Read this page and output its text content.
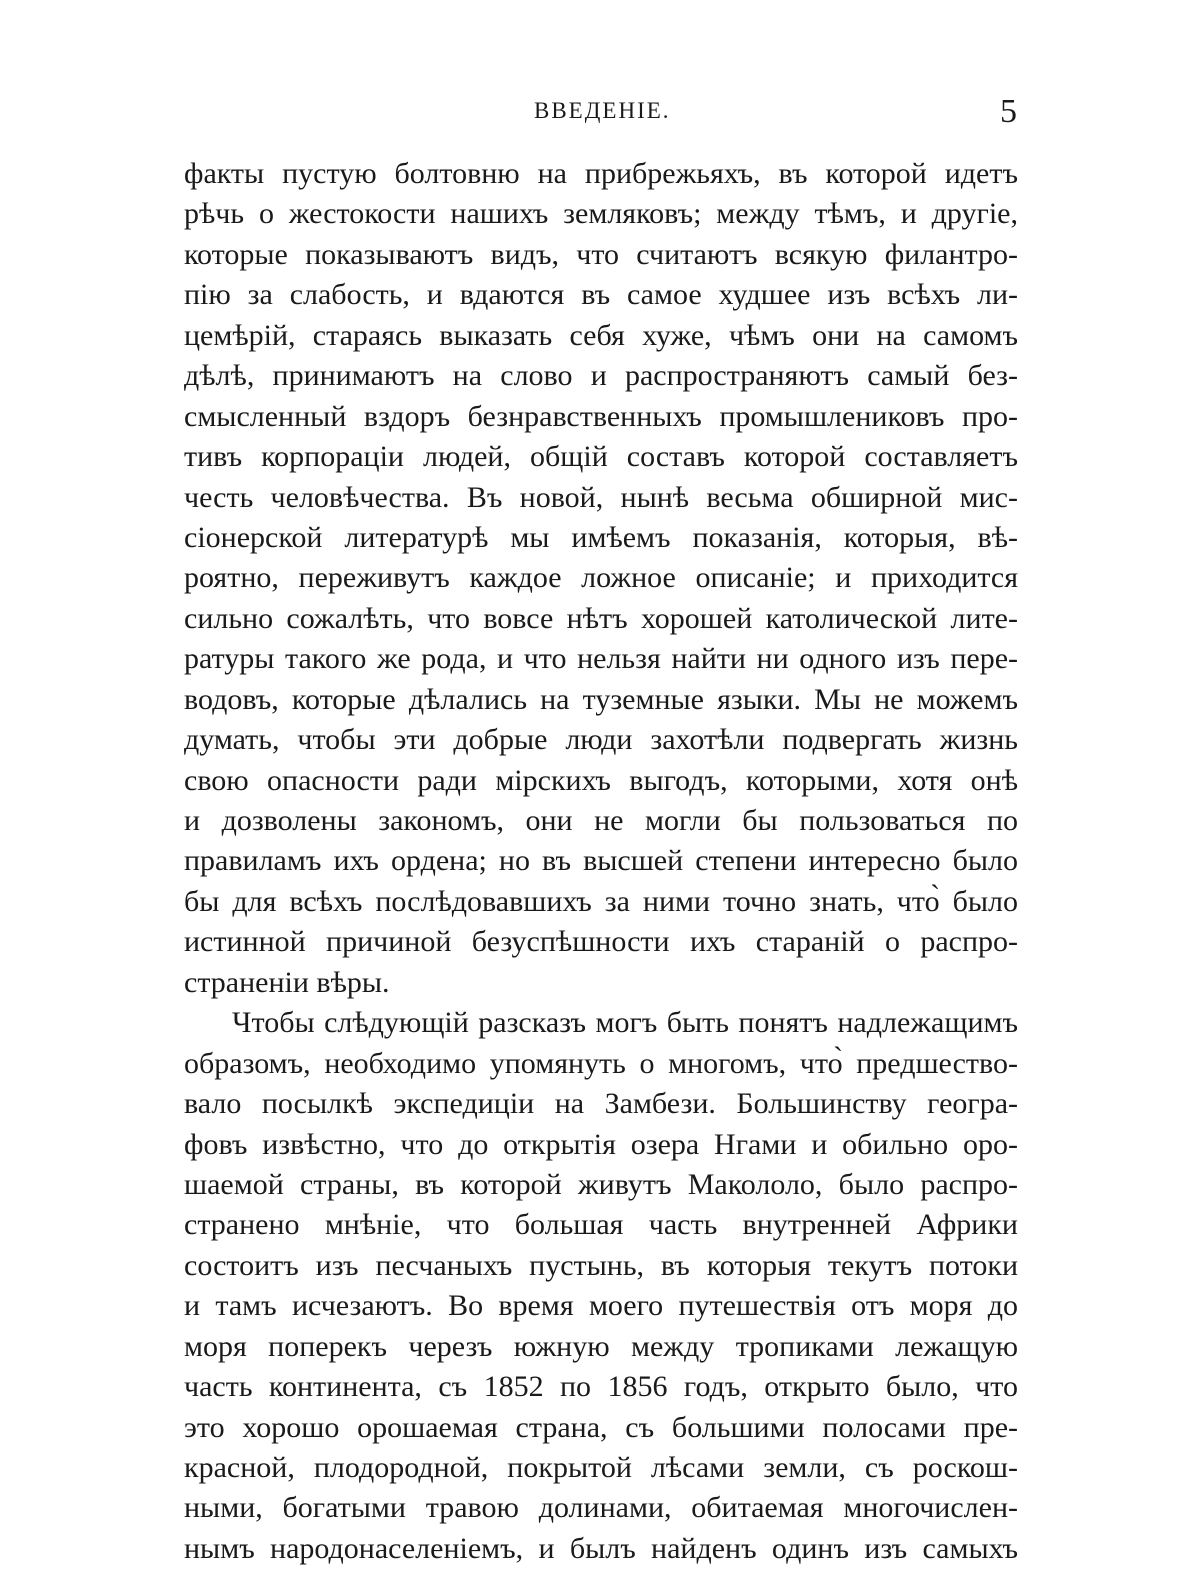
ВВЕДЕНІЕ.	5
факты пустую болтовню на прибрежьяхъ, въ которой идетъ
рѣчь о жестокости нашихъ земляковъ; между тѣмъ, и другіе,
которые показываютъ видъ, что считаютъ всякую филантро-
пію за слабость, и вдаются въ самое худшее изъ всѣхъ ли-
цемѣрій, стараясь выказать себя хуже, чѣмъ они на самомъ
дѣлѣ, принимаютъ на слово и распространяютъ самый без-
смысленный вздоръ безнравственныхъ промышлениковъ про-
тивъ корпораціи людей, общій составъ которой составляетъ
честь человѣчества. Въ новой, нынѣ весьма обширной мис-
сіонерской литературѣ мы имѣемъ показанія, которыя, вѣ-
роятно, переживутъ каждое ложное описаніе; и приходится
сильно сожалѣть, что вовсе нѣтъ хорошей католической лите-
ратуры такого же рода, и что нельзя найти ни одного изъ пере-
водовъ, которые дѣлались на туземные языки. Мы не можемъ
думать, чтобы эти добрые люди захотѣли подвергать жизнь
свою опасности ради мірскихъ выгодъ, которыми, хотя онѣ
и дозволены закономъ, они не могли бы пользоваться по
правиламъ ихъ ордена; но въ высшей степени интересно было
бы для всѣхъ послѣдовавшихъ за ними точно знать, что̀ было
истинной причиной безуспѣшности ихъ стараній о распро-
страненіи вѣры.
Чтобы слѣдующій разсказъ могъ быть понятъ надлежащимъ
образомъ, необходимо упомянуть о многомъ, что̀ предшество-
вало посылкѣ экспедиціи на Замбези. Большинству геогра-
фовъ извѣстно, что до открытія озера Нгами и обильно оро-
шаемой страны, въ которой живутъ Макололо, было распро-
странено мнѣніе, что большая часть внутренней Африки
состоитъ изъ песчаныхъ пустынь, въ которыя текутъ потоки
и тамъ исчезаютъ. Во время моего путешествія отъ моря до
моря поперекъ черезъ южную между тропиками лежащую
часть континента, съ 1852 по 1856 годъ, открыто было, что
это хорошо орошаемая страна, съ большими полосами пре-
красной, плодородной, покрытой лѣсами земли, съ роскош-
ными, богатыми травою долинами, обитаемая многочислен-
нымъ народонаселеніемъ, и былъ найденъ одинъ изъ самыхъ
